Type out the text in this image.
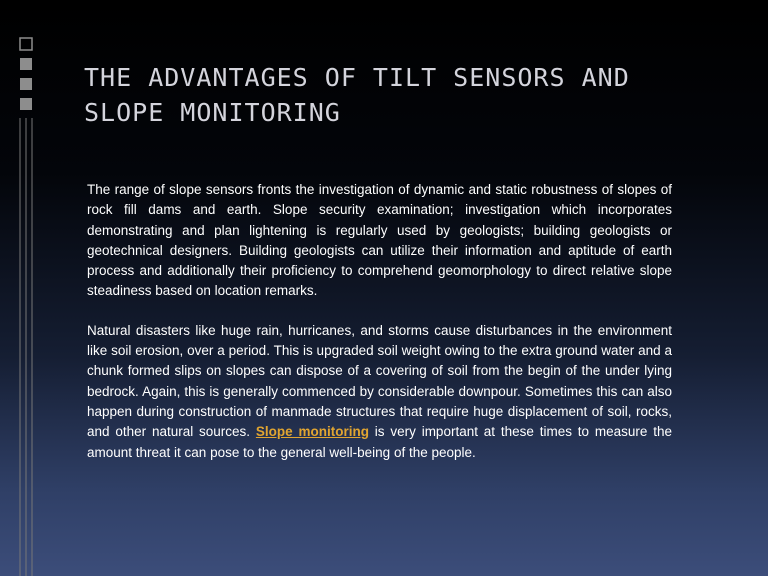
THE ADVANTAGES OF TILT SENSORS AND SLOPE MONITORING

The range of slope sensors fronts the investigation of dynamic and static robustness of slopes of rock fill dams and earth. Slope security examination; investigation which incorporates demonstrating and plan lightening is regularly used by geologists; building geologists or geotechnical designers. Building geologists can utilize their information and aptitude of earth process and additionally their proficiency to comprehend geomorphology to direct relative slope steadiness based on location remarks.

Natural disasters like huge rain, hurricanes, and storms cause disturbances in the environment like soil erosion, over a period. This is upgraded soil weight owing to the extra ground water and a chunk formed slips on slopes can dispose of a covering of soil from the begin of the under lying bedrock. Again, this is generally commenced by considerable downpour. Sometimes this can also happen during construction of manmade structures that require huge displacement of soil, rocks, and other natural sources. Slope monitoring is very important at these times to measure the amount threat it can pose to the general well-being of the people.
